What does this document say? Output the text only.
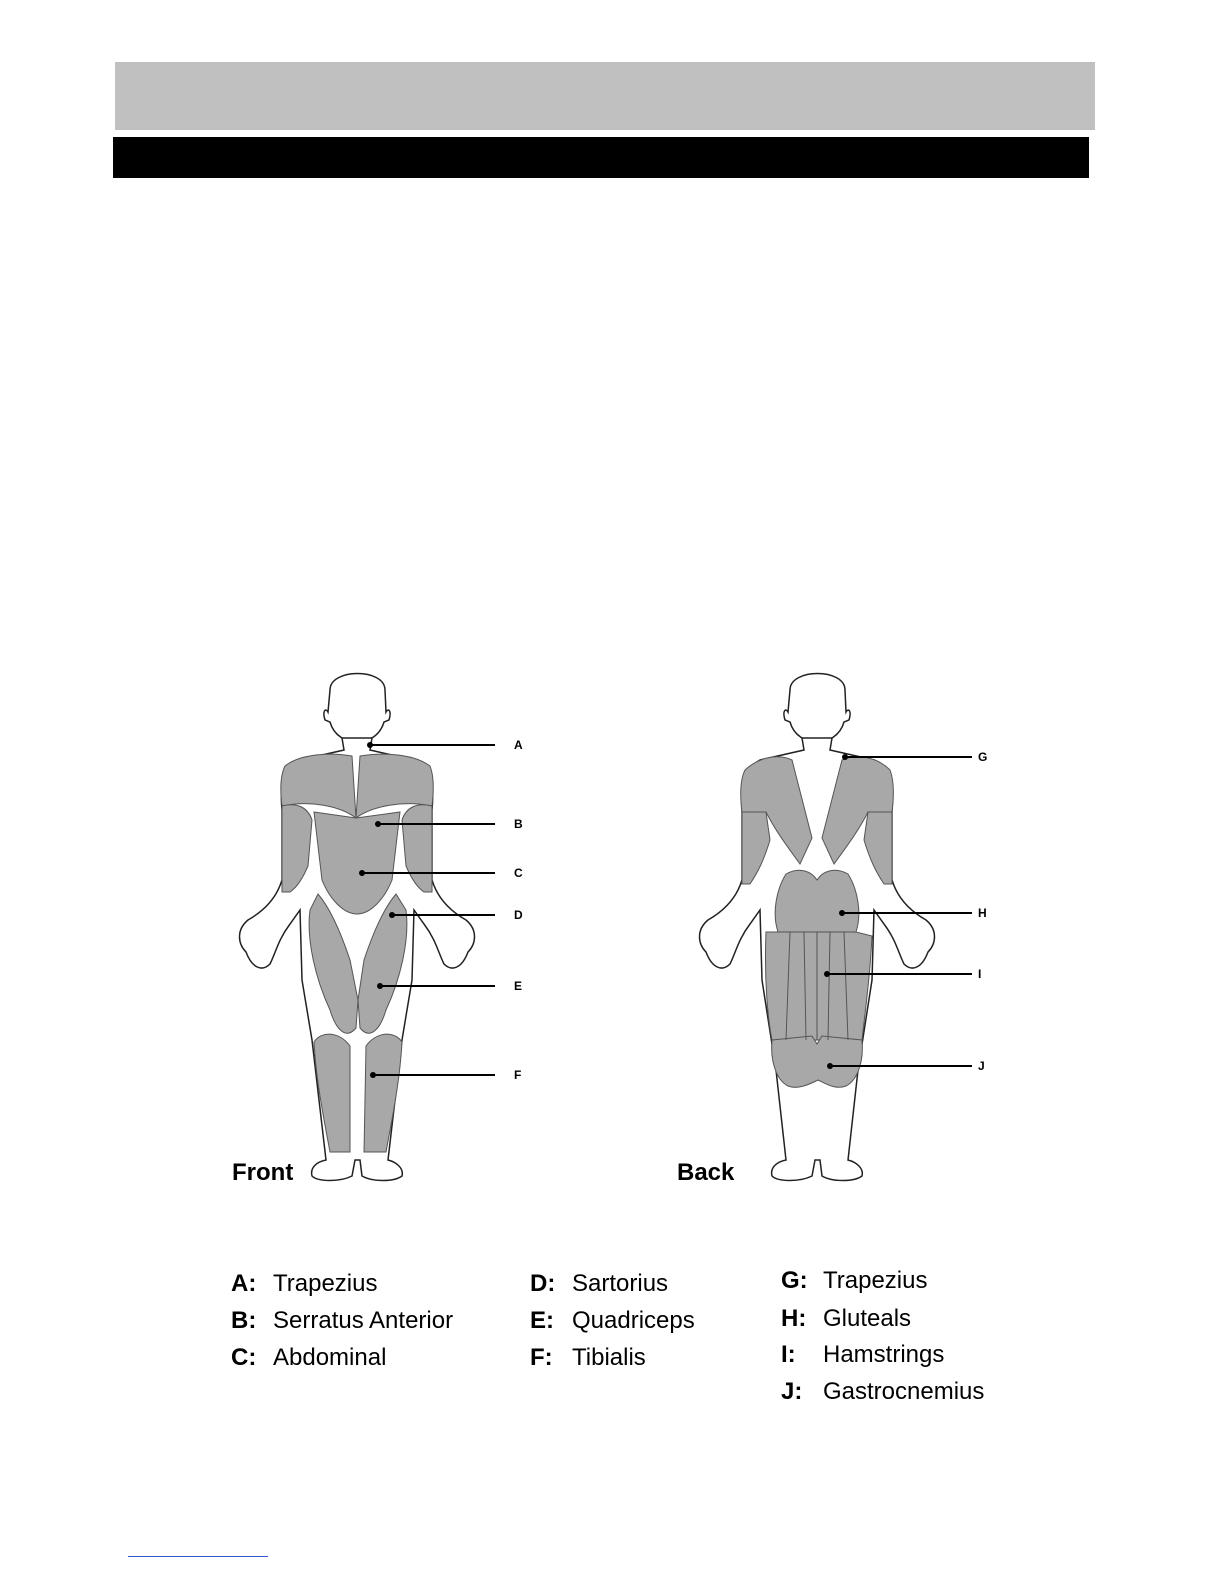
A
B
C
D
E
F
G
H
I
J
Front	Back
A: Trapezius
B: Serratus Anterior
C: Abdominal
D: Sartorius
E: Quadriceps
F: Tibialis
G: Trapezius
H: Gluteals
I: Hamstrings
J: Gastrocnemius
